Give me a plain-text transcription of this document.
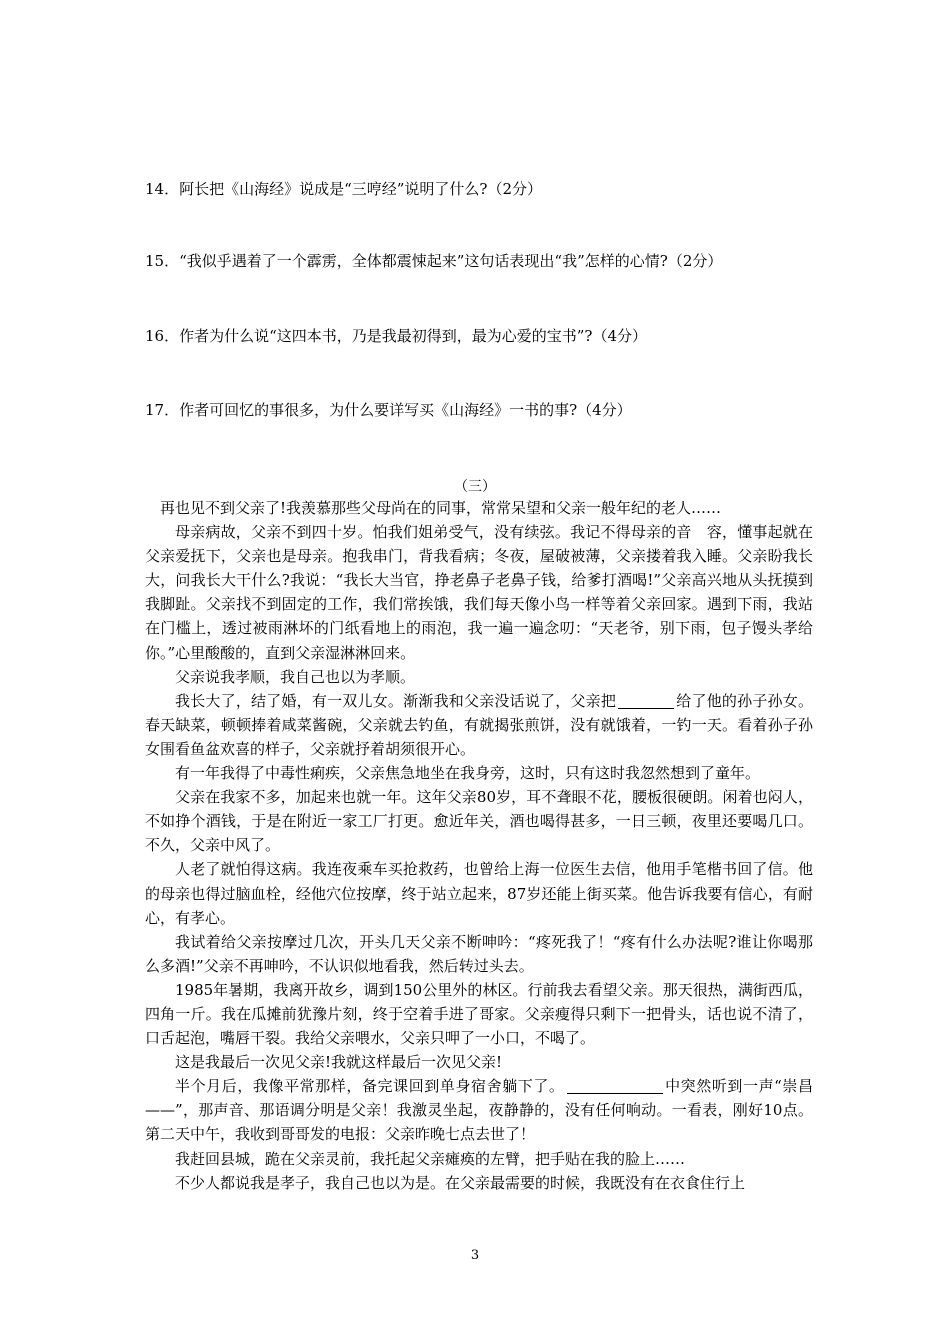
14．阿长把《山海经》说成是“三哼经”说明了什么?（2分）
15．“我似乎遇着了一个霹雳，全体都震悚起来”这句话表现出“我”怎样的心情?（2分）
16．作者为什么说“这四本书，乃是我最初得到，最为心爱的宝书”?（4分）
17．作者可回忆的事很多，为什么要详写买《山海经》一书的事?（4分）
（三）

再也见不到父亲了!我羡慕那些父母尚在的同事，常常呆望和父亲一般年纪的老人……

母亲病故，父亲不到四十岁。怕我们姐弟受气，没有续弦。我记不得母亲的音　容，懂事起就在父亲爱抚下，父亲也是母亲。抱我串门，背我看病；冬夜，屋破被薄，父亲搂着我入睡。父亲盼我长大，问我长大干什么?我说：“我长大当官，挣老鼻子老鼻子钱，给爹打酒喝!”父亲高兴地从头抚摸到我脚趾。父亲找不到固定的工作，我们常挨饿，我们每天像小鸟一样等着父亲回家。遇到下雨，我站在门槛上，透过被雨淋坏的门纸看地上的雨泡，我一遍一遍念叨：“天老爷，别下雨，包子馒头孝给你。”心里酸酸的，直到父亲湿淋淋回来。

父亲说我孝顺，我自己也以为孝顺。

我长大了，结了婚，有一双儿女。渐渐我和父亲没话说了，父亲把	给了他的孙子孙女。春天缺菜，顿顿捧着咸菜酱碗，父亲就去钓鱼，有就揭张煎饼，没有就饿着，一钓一天。看着孙子孙女围看鱼盆欢喜的样子，父亲就抒着胡须很开心。

有一年我得了中毒性痢疾，父亲焦急地坐在我身旁，这时，只有这时我忽然想到了童年。

父亲在我家不多，加起来也就一年。这年父亲80岁，耳不聋眼不花，腰板很硬朗。闲着也闷人，不如挣个酒钱，于是在附近一家工厂打更。愈近年关，酒也喝得甚多，一日三顿，夜里还要喝几口。不久，父亲中风了。

人老了就怕得这病。我连夜乘车买抢救药，也曾给上海一位医生去信，他用手笔楷书回了信。他的母亲也得过脑血栓，经他穴位按摩，终于站立起来，87岁还能上街买菜。他告诉我要有信心，有耐心，有孝心。

我试着给父亲按摩过几次，开头几天父亲不断呻吟：“疼死我了！“疼有什么办法呢?谁让你喝那么多酒!”父亲不再呻吟，不认识似地看我，然后转过头去。

1985年暑期，我离开故乡，调到150公里外的林区。行前我去看望父亲。那天很热，满街西瓜，四角一斤。我在瓜摊前犹豫片刻，终于空着手进了哥家。父亲瘦得只剩下一把骨头，话也说不清了，口舌起泡，嘴唇干裂。我给父亲喂水，父亲只呷了一小口，不喝了。

这是我最后一次见父亲!我就这样最后一次见父亲!

半个月后，我像平常那样，备完课回到单身宿舍躺下了。	中突然听到一声“崇昌——”，那声音、那语调分明是父亲！我激灵坐起，夜静静的，没有任何响动。一看表，刚好10点。第二天中午，我收到哥哥发的电报：父亲昨晚七点去世了！

我赶回县城，跪在父亲灵前，我托起父亲瘫痪的左臂，把手贴在我的脸上……

不少人都说我是孝子，我自己也以为是。在父亲最需要的时候，我既没有在衣食住行上

3
